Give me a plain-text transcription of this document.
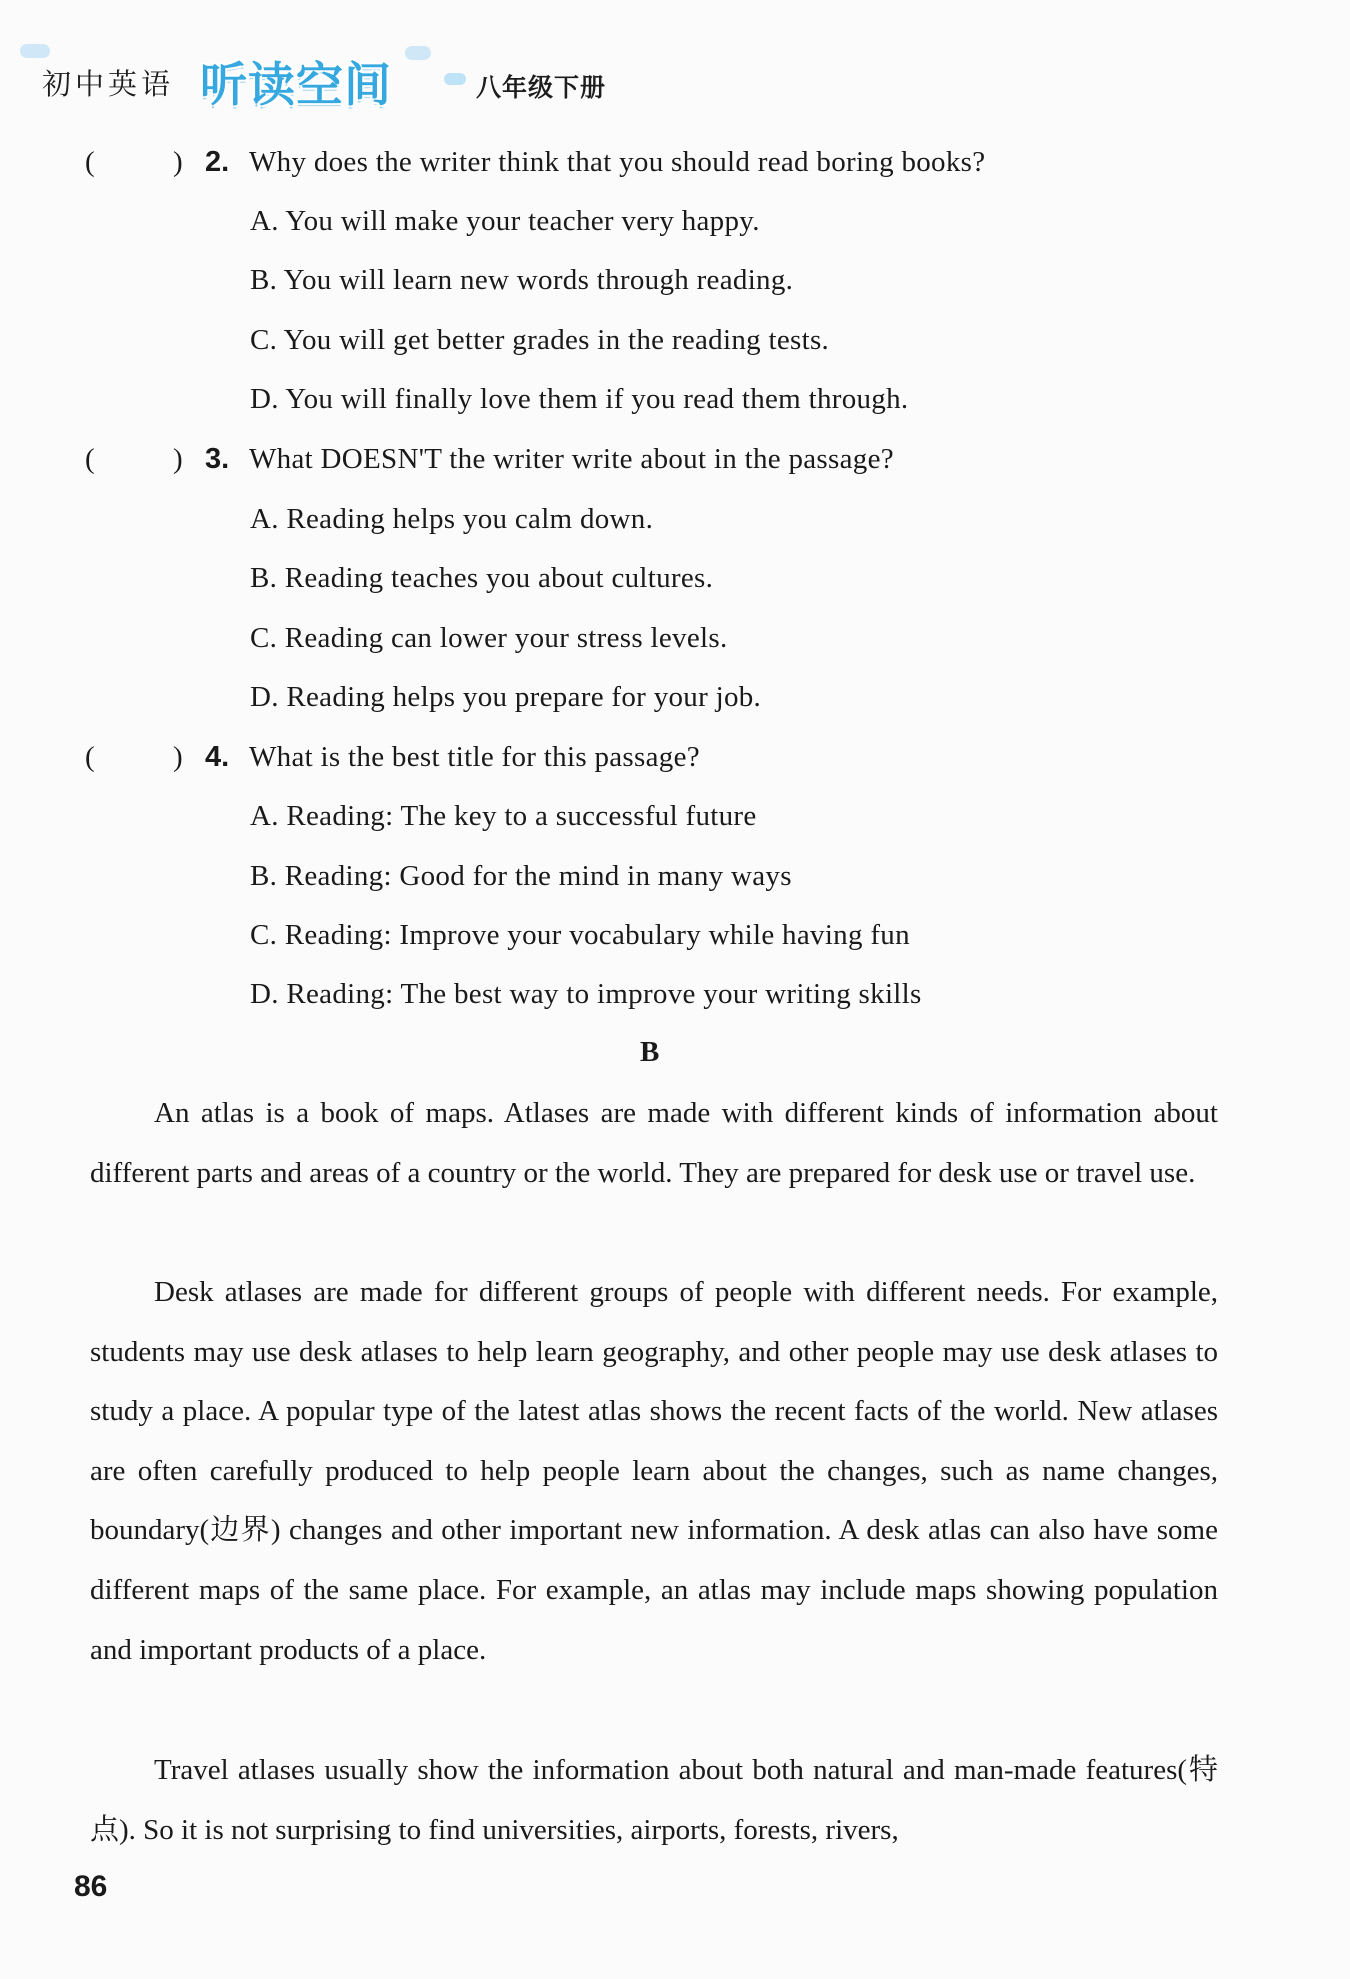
初中英语 听读空间	八年级下册
(	) 2. Why does the writer think that you should read boring books?
A. You will make your teacher very happy.
B. You will learn new words through reading.
C. You will get better grades in the reading tests.
D. You will finally love them if you read them through.
(	) 3. What DOESN'T the writer write about in the passage?
A. Reading helps you calm down.
B. Reading teaches you about cultures.
C. Reading can lower your stress levels.
D. Reading helps you prepare for your job.
(	) 4. What is the best title for this passage?
A. Reading: The key to a successful future
B. Reading: Good for the mind in many ways
C. Reading: Improve your vocabulary while having fun
D. Reading: The best way to improve your writing skills
B

An atlas is a book of maps. Atlases are made with different kinds of information about different parts and areas of a country or the world. They are prepared for desk use or travel use.

Desk atlases are made for different groups of people with different needs. For example, students may use desk atlases to help learn geography, and other people may use desk atlases to study a place. A popular type of the latest atlas shows the recent facts of the world. New atlases are often carefully produced to help people learn about the changes, such as name changes, boundary(边界) changes and other important new information. A desk atlas can also have some different maps of the same place. For example, an atlas may include maps showing population and important products of a place.

Travel atlases usually show the information about both natural and man-made features(特点). So it is not surprising to find universities, airports, forests, rivers,

86
